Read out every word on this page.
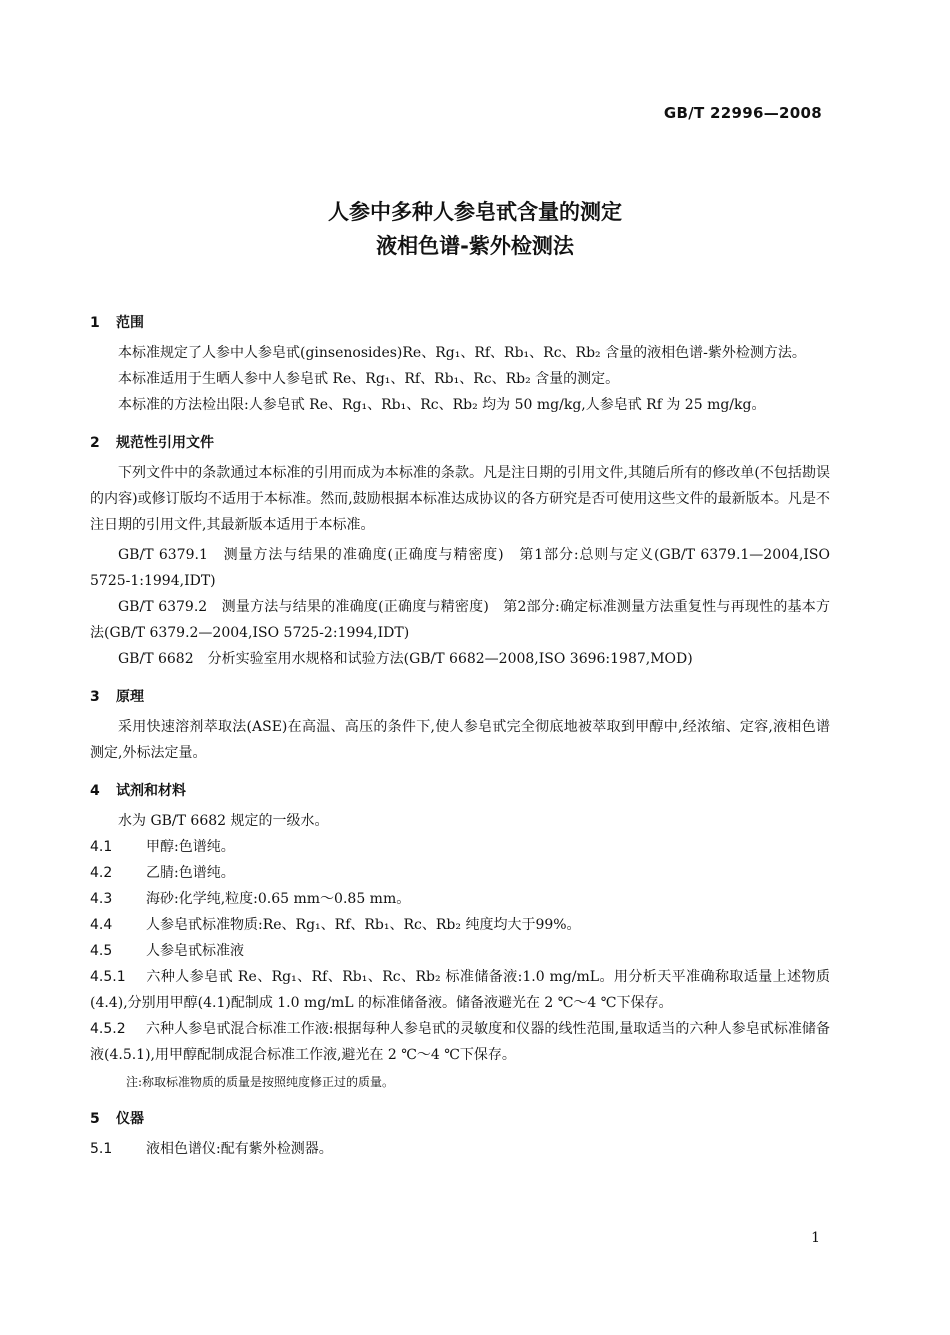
GB/T 22996—2008
人参中多种人参皂甙含量的测定
液相色谱-紫外检测法
1 范围
本标准规定了人参中人参皂甙(ginsenosides)Re、Rg₁、Rf、Rb₁、Rc、Rb₂ 含量的液相色谱-紫外检测方法。
本标准适用于生晒人参中人参皂甙 Re、Rg₁、Rf、Rb₁、Rc、Rb₂ 含量的测定。
本标准的方法检出限:人参皂甙 Re、Rg₁、Rb₁、Rc、Rb₂ 均为 50 mg/kg,人参皂甙 Rf 为 25 mg/kg。
2 规范性引用文件
下列文件中的条款通过本标准的引用而成为本标准的条款。凡是注日期的引用文件,其随后所有的修改单(不包括勘误的内容)或修订版均不适用于本标准。然而,鼓励根据本标准达成协议的各方研究是否可使用这些文件的最新版本。凡是不注日期的引用文件,其最新版本适用于本标准。
GB/T 6379.1　测量方法与结果的准确度(正确度与精密度)　第1部分:总则与定义(GB/T 6379.1—2004,ISO 5725-1:1994,IDT)
GB/T 6379.2　测量方法与结果的准确度(正确度与精密度)　第2部分:确定标准测量方法重复性与再现性的基本方法(GB/T 6379.2—2004,ISO 5725-2:1994,IDT)
GB/T 6682　分析实验室用水规格和试验方法(GB/T 6682—2008,ISO 3696:1987,MOD)
3 原理
采用快速溶剂萃取法(ASE)在高温、高压的条件下,使人参皂甙完全彻底地被萃取到甲醇中,经浓缩、定容,液相色谱测定,外标法定量。
4 试剂和材料
水为 GB/T 6682 规定的一级水。
4.1 甲醇:色谱纯。
4.2 乙腈:色谱纯。
4.3 海砂:化学纯,粒度:0.65 mm～0.85 mm。
4.4 人参皂甙标准物质:Re、Rg₁、Rf、Rb₁、Rc、Rb₂ 纯度均大于99%。
4.5 人参皂甙标准液
4.5.1 六种人参皂甙 Re、Rg₁、Rf、Rb₁、Rc、Rb₂ 标准储备液:1.0 mg/mL。用分析天平准确称取适量上述物质(4.4),分别用甲醇(4.1)配制成 1.0 mg/mL 的标准储备液。储备液避光在 2 ℃～4 ℃下保存。
4.5.2 六种人参皂甙混合标准工作液:根据每种人参皂甙的灵敏度和仪器的线性范围,量取适当的六种人参皂甙标准储备液(4.5.1),用甲醇配制成混合标准工作液,避光在 2 ℃～4 ℃下保存。
注:称取标准物质的质量是按照纯度修正过的质量。
5 仪器
5.1 液相色谱仪:配有紫外检测器。
1
